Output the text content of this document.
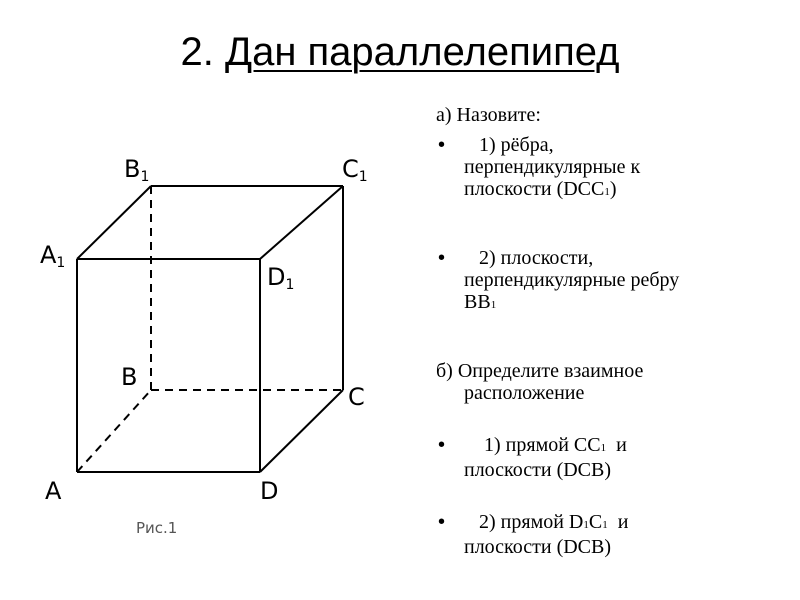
2. Дан параллелепипед
$B_1$	$C_1$
$A_1$	$D_1$
B
C
A	D
Рис.1

а) Назовите:

• 1) рёбра,
перпендикулярные к
плоскости (DCC1)
• 2) плоскости,
перпендикулярные ребру
BB1

б) Определите взаимное

расположение

• 1) прямой CC1  и
плоскости (DCB)
• 2) прямой D1C1  и
плоскости (DCB)
